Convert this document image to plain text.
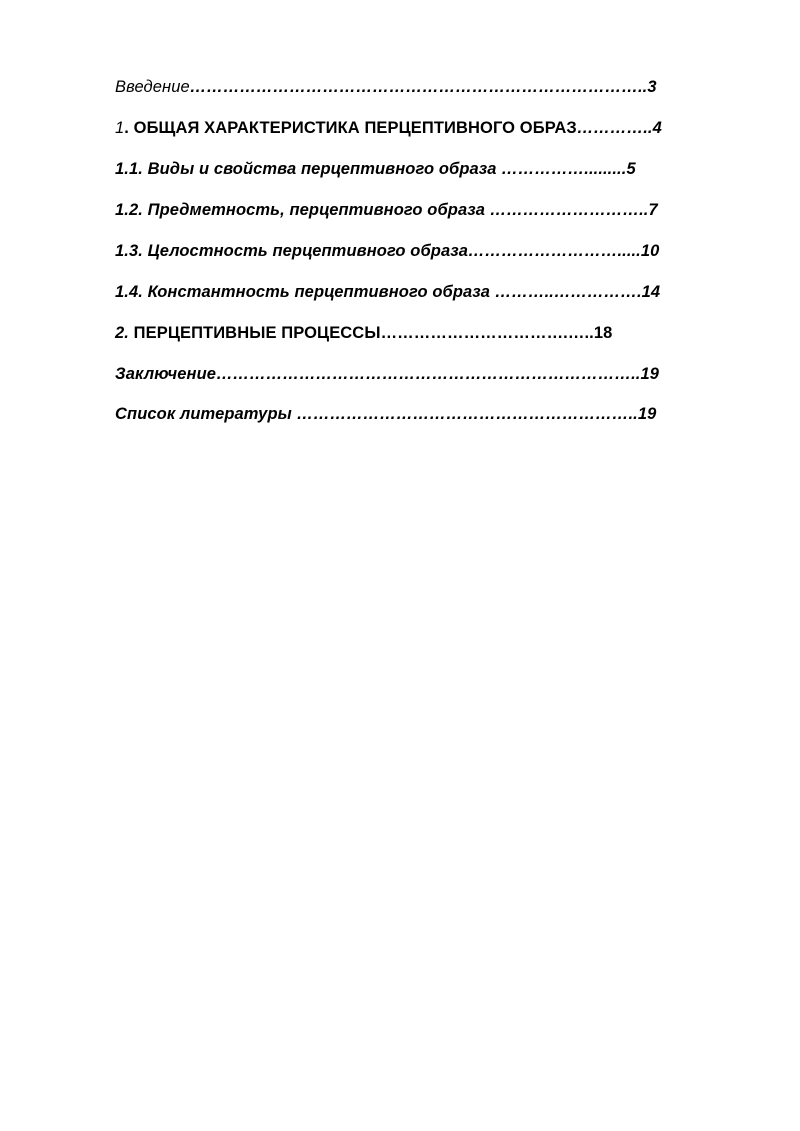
Введение………………………………………………………………………..3
1. ОБЩАЯ ХАРАКТЕРИСТИКА ПЕРЦЕПТИВНОГО ОБРАЗ…………..4
1.1. Виды и свойства перцептивного образа …………….........5
1.2. Предметность, перцептивного образа ………………………..7
1.3. Целостность перцептивного образа……………………….....10
1.4. Константность перцептивного образа ………..…………….14
2. ПЕРЦЕПТИВНЫЕ ПРОЦЕССЫ…………………………….…..18
Заключение…………………………………………………………………..19
Список литературы ……………………………………………………..19
